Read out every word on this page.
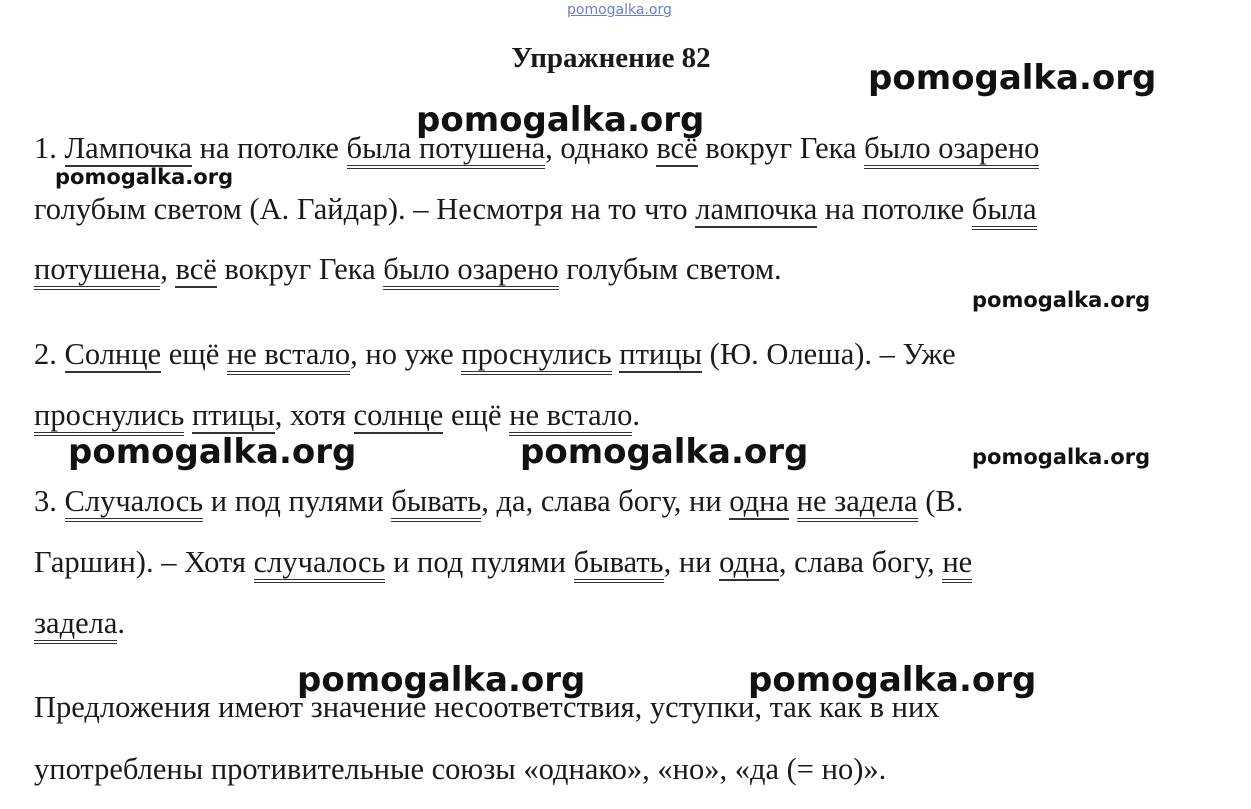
pomogalka.org
Упражнение 82	pomogalka.org
pomogalka.org
pomogalka.org
pomogalka.org
pomogalka.org	pomogalka.org	pomogalka.org
pomogalka.org	pomogalka.org
1. Лампочка на потолке была потушена, однако всё вокруг Гека было озарено
голубым светом (А. Гайдар). – Несмотря на то что лампочка на потолке была
потушена, всё вокруг Гека было озарено голубым светом.
2. Солнце ещё не встало, но уже проснулись птицы (Ю. Олеша). – Уже
проснулись птицы, хотя солнце ещё не встало.
3. Случалось и под пулями бывать, да, слава богу, ни одна не задела (В.
Гаршин). – Хотя случалось и под пулями бывать, ни одна, слава богу, не
задела.
Предложения имеют значение несоответствия, уступки, так как в них
употреблены противительные союзы «однако», «но», «да (= но)».
